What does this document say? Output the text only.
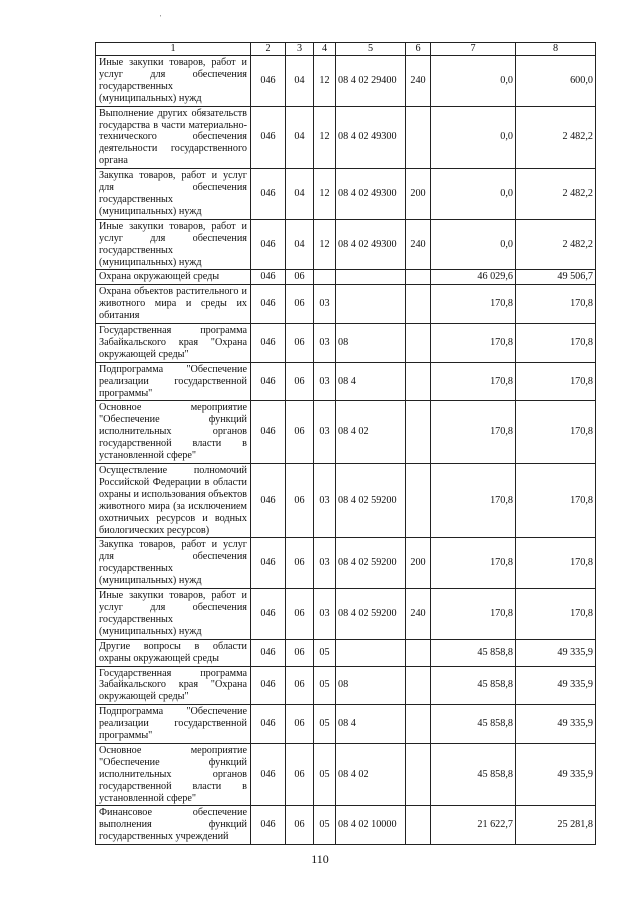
'
1	2	3	4	5	6	7	8
Иные закупки товаров, работ и услуг для обеспечения государственных (муниципальных) нужд	046	04	12	08 4 02 29400	240	0,0	600,0
Выполнение других обязательств государства в части материально-технического обеспечения деятельности государственного органа	046	04	12	08 4 02 49300		0,0	2 482,2
Закупка товаров, работ и услуг для обеспечения государственных (муниципальных) нужд	046	04	12	08 4 02 49300	200	0,0	2 482,2
Иные закупки товаров, работ и услуг для обеспечения государственных (муниципальных) нужд	046	04	12	08 4 02 49300	240	0,0	2 482,2
Охрана окружающей среды	046	06				46 029,6	49 506,7
Охрана объектов растительного и животного мира и среды их обитания	046	06	03			170,8	170,8
Государственная программа Забайкальского края "Охрана окружающей среды"	046	06	03	08		170,8	170,8
Подпрограмма "Обеспечение реализации государственной программы"	046	06	03	08 4		170,8	170,8
Основное мероприятие "Обеспечение функций исполнительных органов государственной власти в установленной сфере"	046	06	03	08 4 02		170,8	170,8
Осуществление полномочий Российской Федерации в области охраны и использования объектов животного мира (за исключением охотничьих ресурсов и водных биологических ресурсов)	046	06	03	08 4 02 59200		170,8	170,8
Закупка товаров, работ и услуг для обеспечения государственных (муниципальных) нужд	046	06	03	08 4 02 59200	200	170,8	170,8
Иные закупки товаров, работ и услуг для обеспечения государственных (муниципальных) нужд	046	06	03	08 4 02 59200	240	170,8	170,8
Другие вопросы в области охраны окружающей среды	046	06	05			45 858,8	49 335,9
Государственная программа Забайкальского края "Охрана окружающей среды"	046	06	05	08		45 858,8	49 335,9
Подпрограмма "Обеспечение реализации государственной программы"	046	06	05	08 4		45 858,8	49 335,9
Основное мероприятие "Обеспечение функций исполнительных органов государственной власти в установленной сфере"	046	06	05	08 4 02		45 858,8	49 335,9
Финансовое обеспечение выполнения функций государственных учреждений	046	06	05	08 4 02 10000		21 622,7	25 281,8
110
